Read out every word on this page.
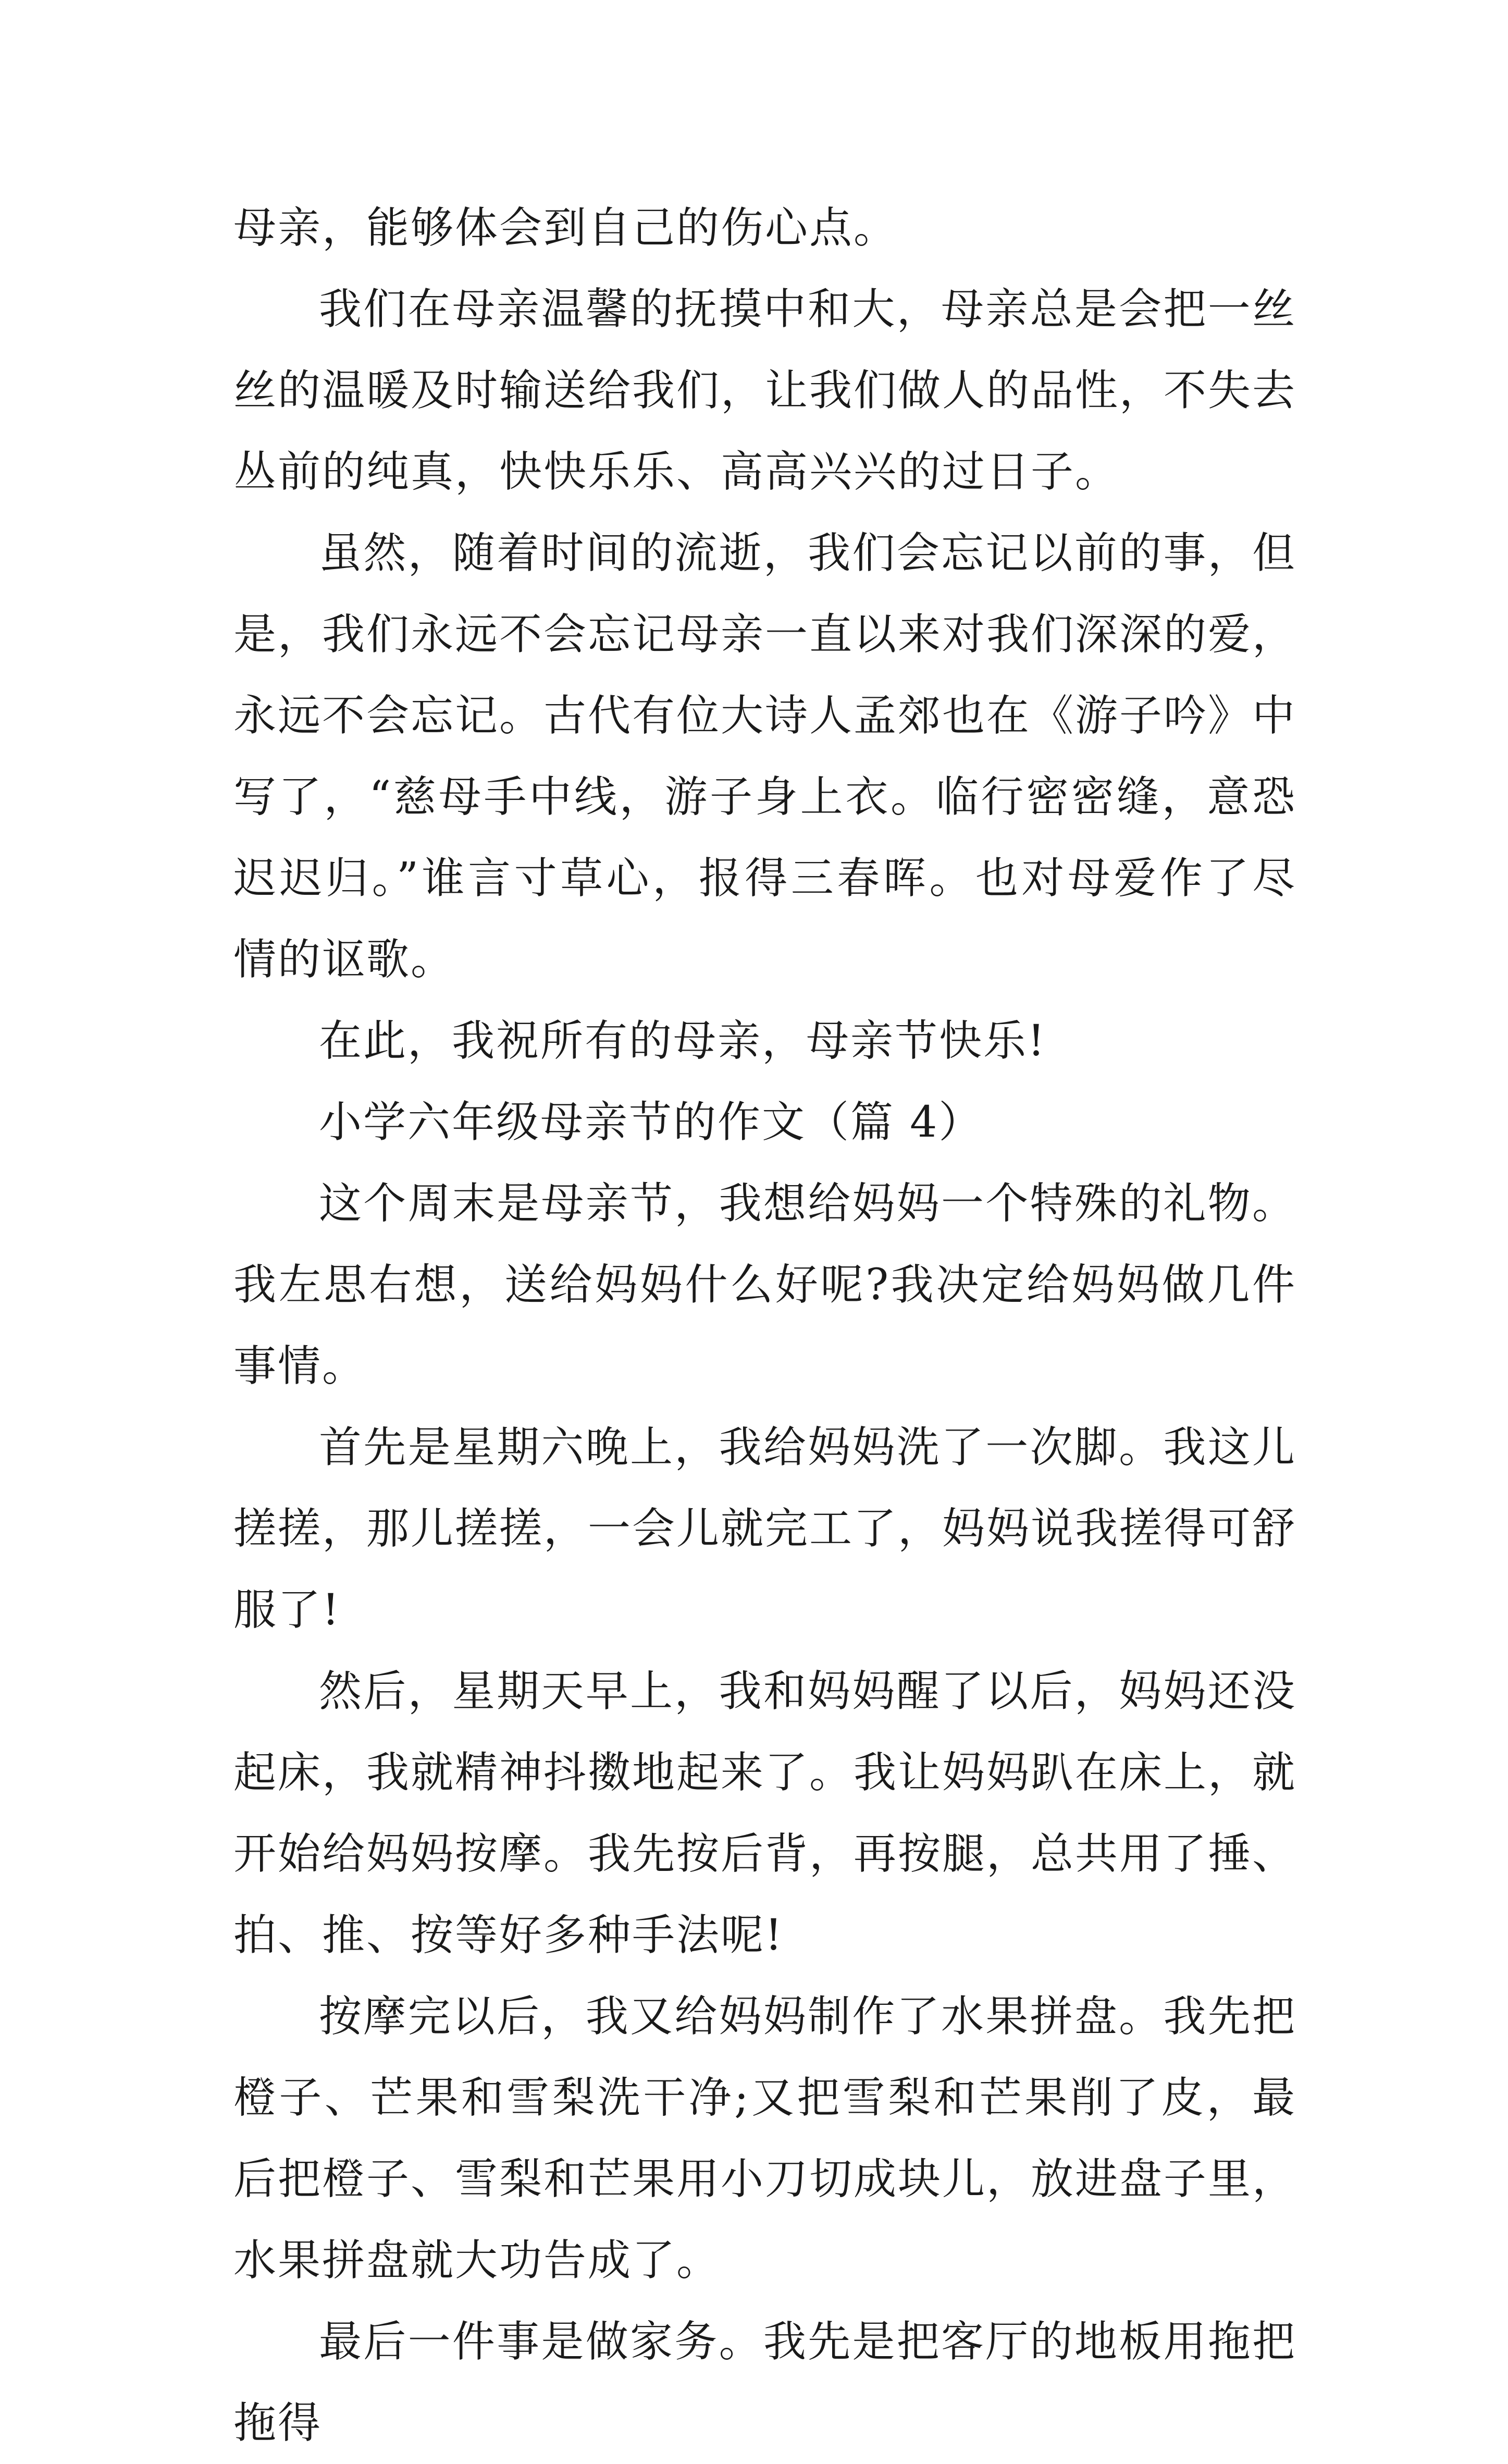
母亲，能够体会到自己的伤心点。

我们在母亲温馨的抚摸中和大，母亲总是会把一丝丝的温暖及时输送给我们，让我们做人的品性，不失去丛前的纯真，快快乐乐、高高兴兴的过日子。

虽然，随着时间的流逝，我们会忘记以前的事，但是，我们永远不会忘记母亲一直以来对我们深深的爱，永远不会忘记。古代有位大诗人孟郊也在《游子吟》中写了，“慈母手中线，游子身上衣。临行密密缝，意恐迟迟归。”谁言寸草心，报得三春晖。也对母爱作了尽情的讴歌。

在此，我祝所有的母亲，母亲节快乐!

小学六年级母亲节的作文（篇 4）

这个周末是母亲节，我想给妈妈一个特殊的礼物。我左思右想，送给妈妈什么好呢?我决定给妈妈做几件事情。

首先是星期六晚上，我给妈妈洗了一次脚。我这儿搓搓，那儿搓搓，一会儿就完工了，妈妈说我搓得可舒服了!

然后，星期天早上，我和妈妈醒了以后，妈妈还没起床，我就精神抖擞地起来了。我让妈妈趴在床上，就开始给妈妈按摩。我先按后背，再按腿，总共用了捶、拍、推、按等好多种手法呢!

按摩完以后，我又给妈妈制作了水果拼盘。我先把橙子、芒果和雪梨洗干净;又把雪梨和芒果削了皮，最后把橙子、雪梨和芒果用小刀切成块儿，放进盘子里，水果拼盘就大功告成了。

最后一件事是做家务。我先是把客厅的地板用拖把拖得
